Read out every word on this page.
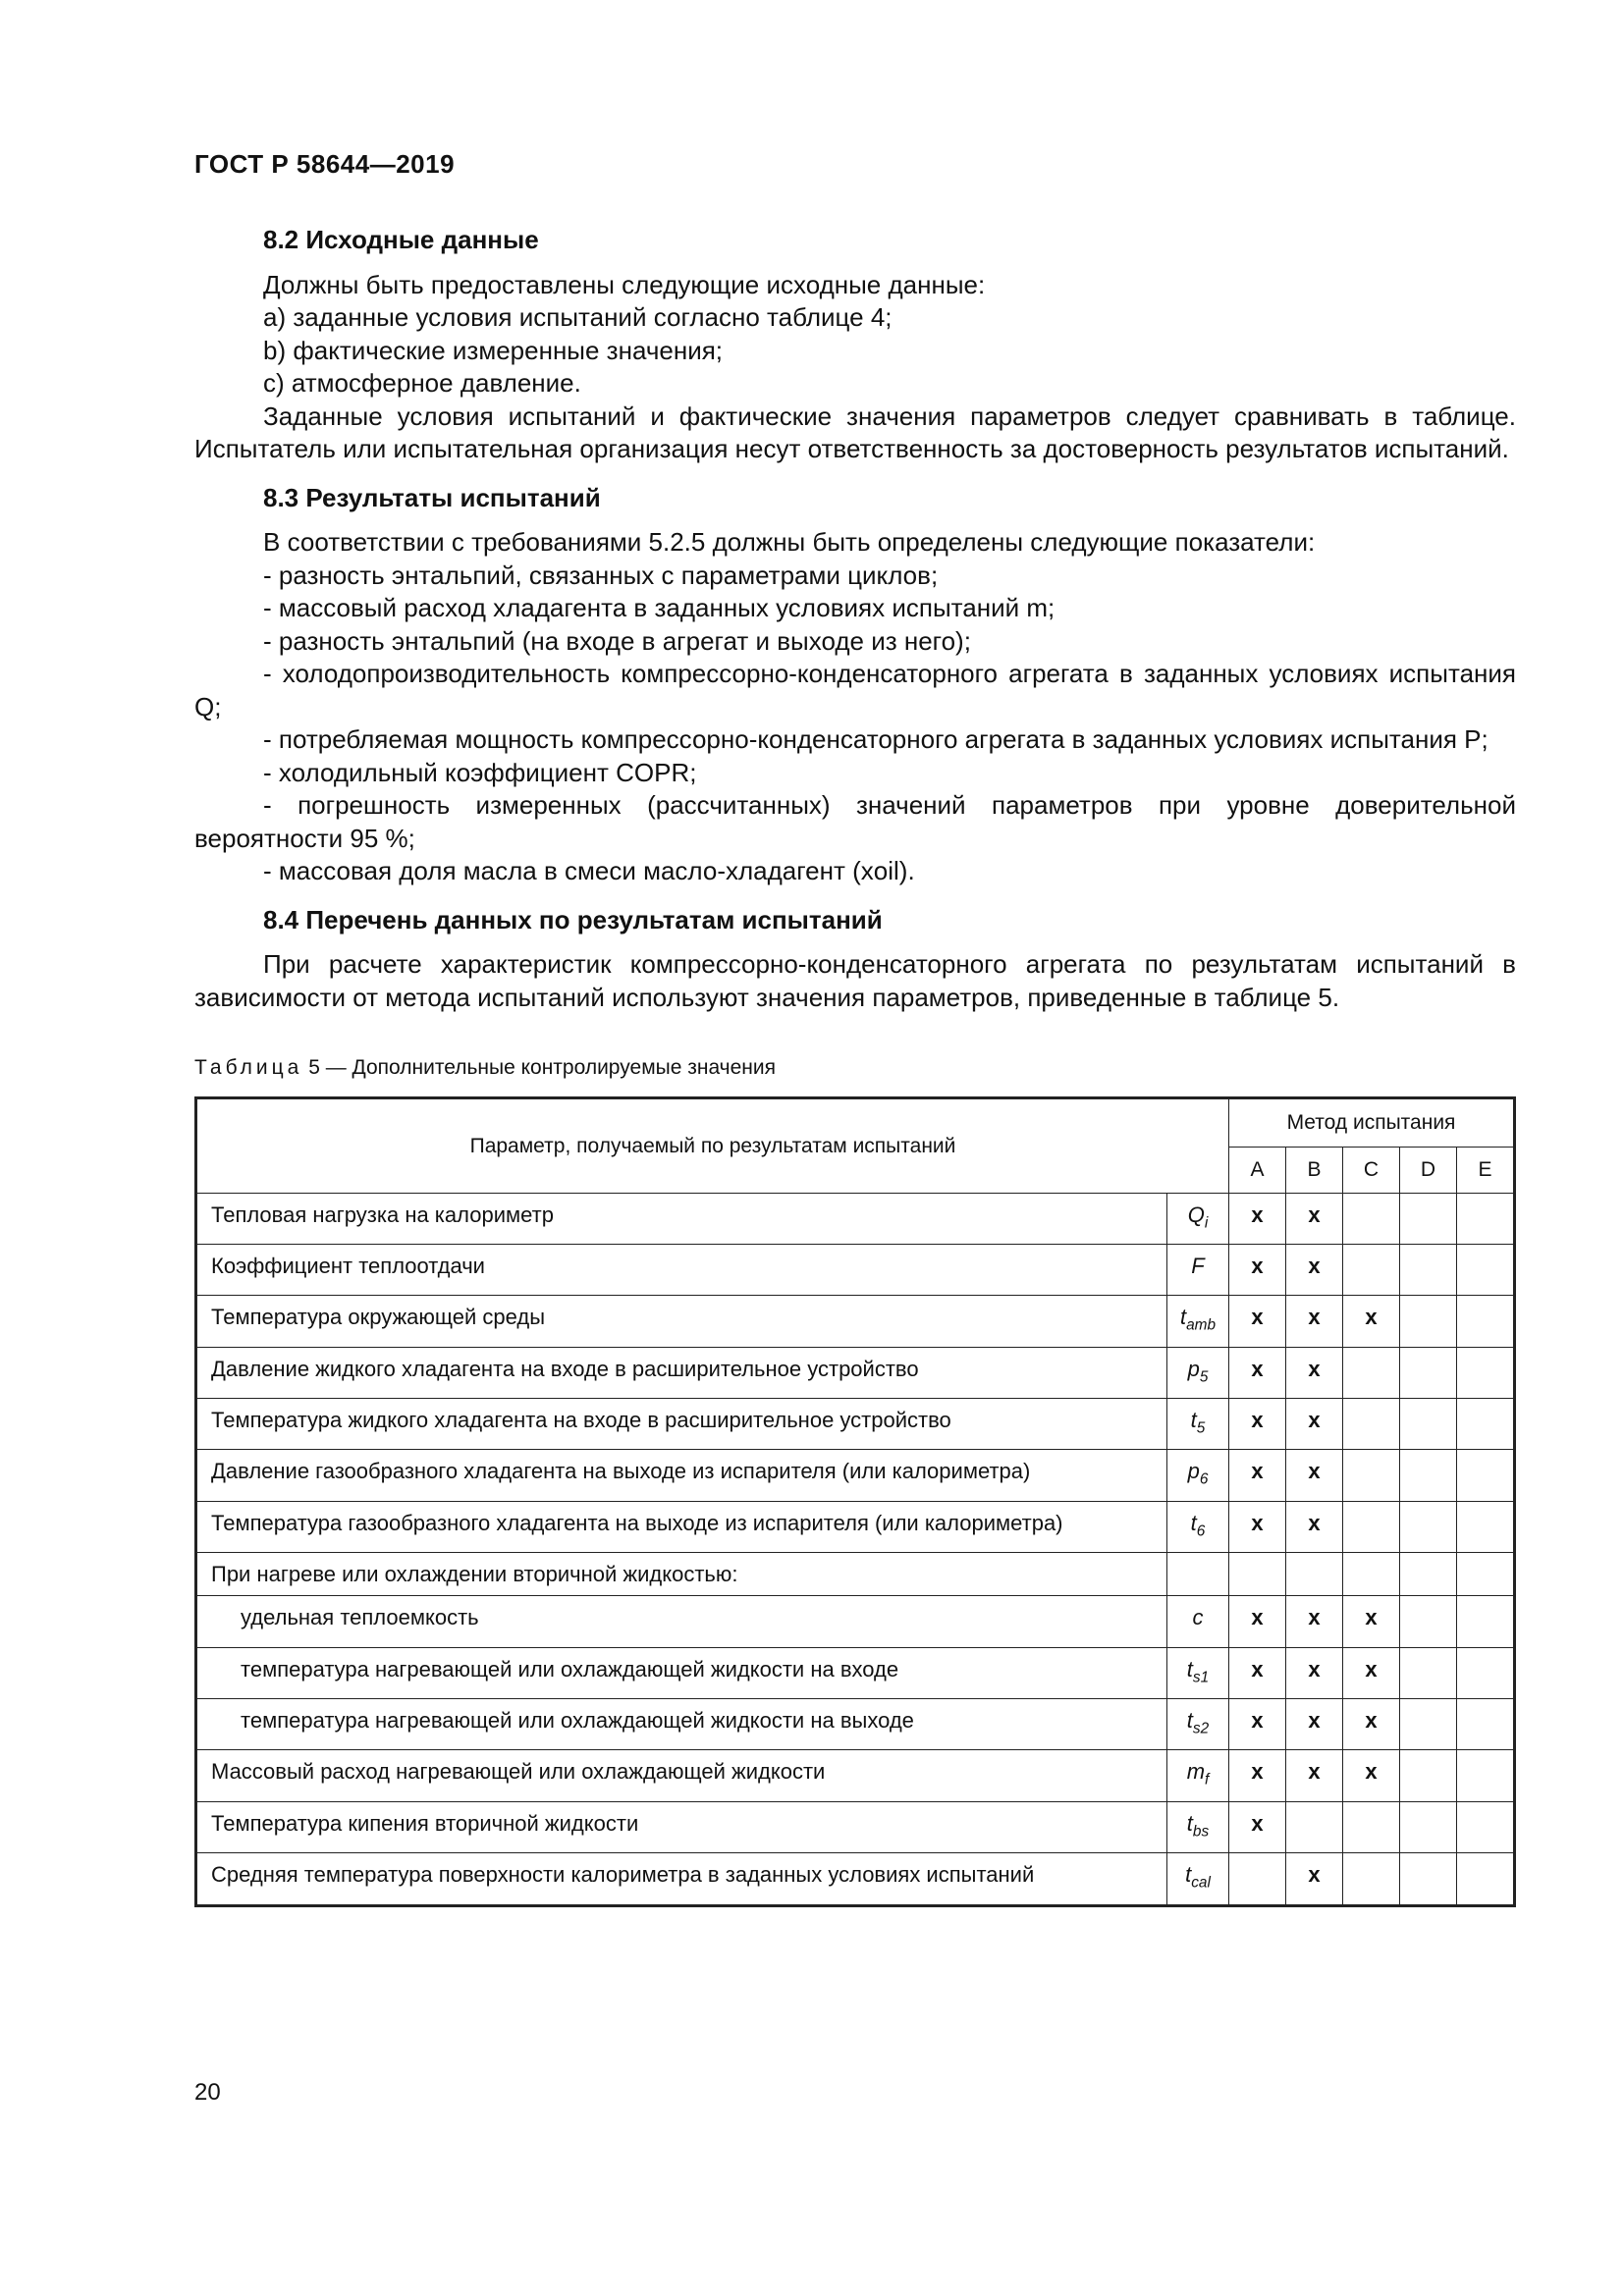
ГОСТ Р 58644—2019
8.2 Исходные данные

Должны быть предоставлены следующие исходные данные:

a) заданные условия испытаний согласно таблице 4;

b) фактические измеренные значения;

c) атмосферное давление.

Заданные условия испытаний и фактические значения параметров следует сравнивать в таблице. Испытатель или испытательная организация несут ответственность за достоверность результатов испытаний.

8.3 Результаты испытаний

В соответствии с требованиями 5.2.5 должны быть определены следующие показатели:

- разность энтальпий, связанных с параметрами циклов;

- массовый расход хладагента в заданных условиях испытаний m;

- разность энтальпий (на входе в агрегат и выходе из него);

- холодопроизводительность компрессорно-конденсаторного агрегата в заданных условиях испытания Q;

- потребляемая мощность компрессорно-конденсаторного агрегата в заданных условиях испытания P;

- холодильный коэффициент COPR;

- погрешность измеренных (рассчитанных) значений параметров при уровне доверительной вероятности 95 %;

- массовая доля масла в смеси масло-хладагент (xoil).

8.4 Перечень данных по результатам испытаний

При расчете характеристик компрессорно-конденсаторного агрегата по результатам испытаний в зависимости от метода испытаний используют значения параметров, приведенные в таблице 5.

Таблица 5 — Дополнительные контролируемые значения
Параметр, получаемый по результатам испытаний		Метод испытания				
		A	B	C	D	E
Тепловая нагрузка на калориметр	$Q_i$	x	x			
Коэффициент теплоотдачи	F	x	x			
Температура окружающей среды	$t_{amb}$	x	x	x		
Давление жидкого хладагента на входе в расширительное устройство	$p_5$	x	x			
Температура жидкого хладагента на входе в расширительное устройство	$t_5$	x	x			
Давление газообразного хладагента на выходе из испарителя (или калориметра)	$p_6$	x	x			
Температура газообразного хладагента на выходе из испарителя (или калориметра)	$t_6$	x	x			
При нагреве или охлаждении вторичной жидкостью:						
удельная теплоемкость	c	x	x	x		
температура нагревающей или охлаждающей жидкости на входе	$t_{s1}$	x	x	x		
температура нагревающей или охлаждающей жидкости на выходе	$t_{s2}$	x	x	x		
Массовый расход нагревающей или охлаждающей жидкости	$m_f$	x	x	x		
Температура кипения вторичной жидкости	$t_{bs}$	x				
Средняя температура поверхности калориметра в заданных условиях испытаний	$t_{cal}$		x			
20
